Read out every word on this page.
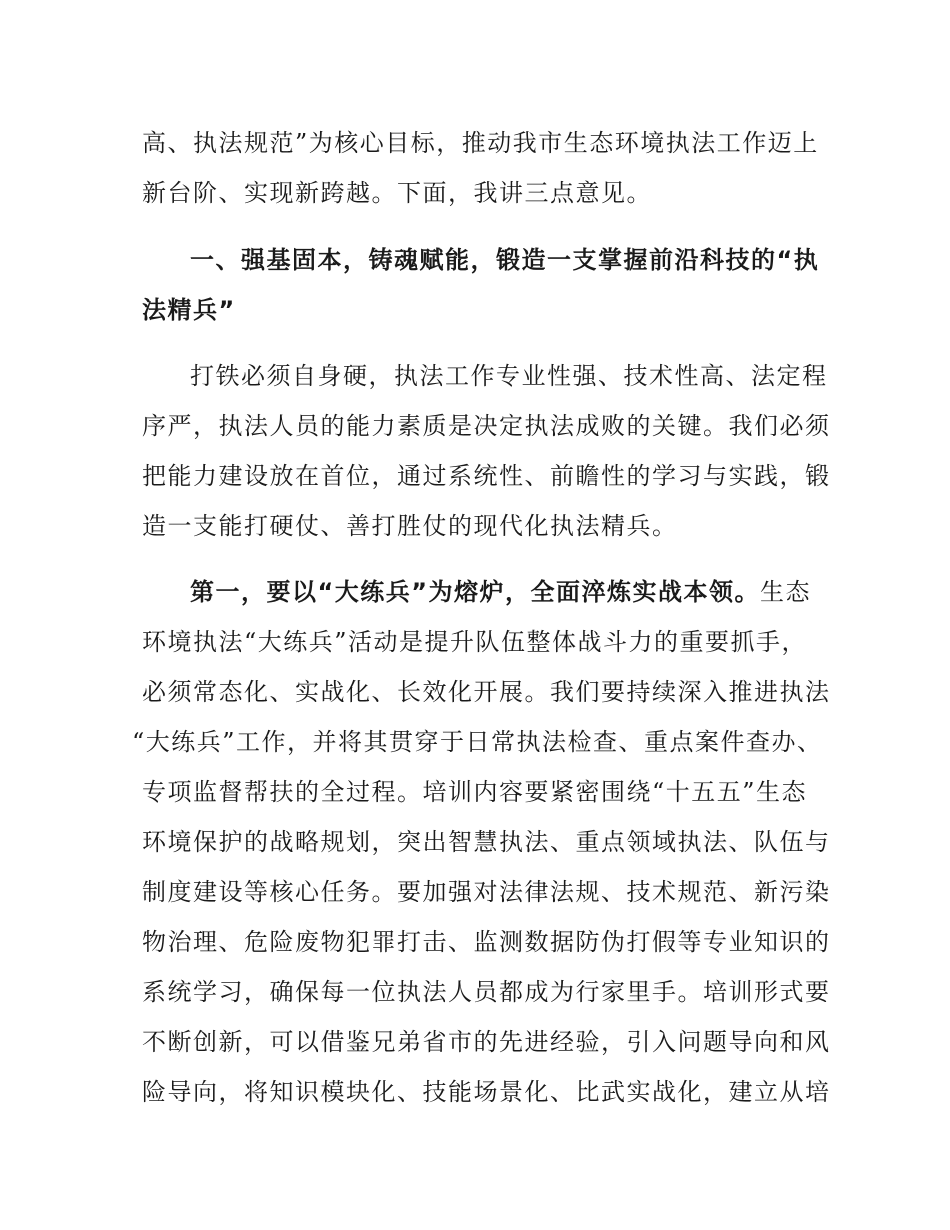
高、执法规范”为核心目标，推动我市生态环境执法工作迈上
新台阶、实现新跨越。下面，我讲三点意见。
一、强基固本，铸魂赋能，锻造一支掌握前沿科技的“执
法精兵”
打铁必须自身硬，执法工作专业性强、技术性高、法定程
序严，执法人员的能力素质是决定执法成败的关键。我们必须
把能力建设放在首位，通过系统性、前瞻性的学习与实践，锻
造一支能打硬仗、善打胜仗的现代化执法精兵。
第一，要以“大练兵”为熔炉，全面淬炼实战本领。生态
环境执法“大练兵”活动是提升队伍整体战斗力的重要抓手，
必须常态化、实战化、长效化开展。我们要持续深入推进执法
“大练兵”工作，并将其贯穿于日常执法检查、重点案件查办、
专项监督帮扶的全过程。培训内容要紧密围绕“十五五”生态
环境保护的战略规划，突出智慧执法、重点领域执法、队伍与
制度建设等核心任务。要加强对法律法规、技术规范、新污染
物治理、危险废物犯罪打击、监测数据防伪打假等专业知识的
系统学习，确保每一位执法人员都成为行家里手。培训形式要
不断创新，可以借鉴兄弟省市的先进经验，引入问题导向和风
险导向，将知识模块化、技能场景化、比武实战化，建立从培
